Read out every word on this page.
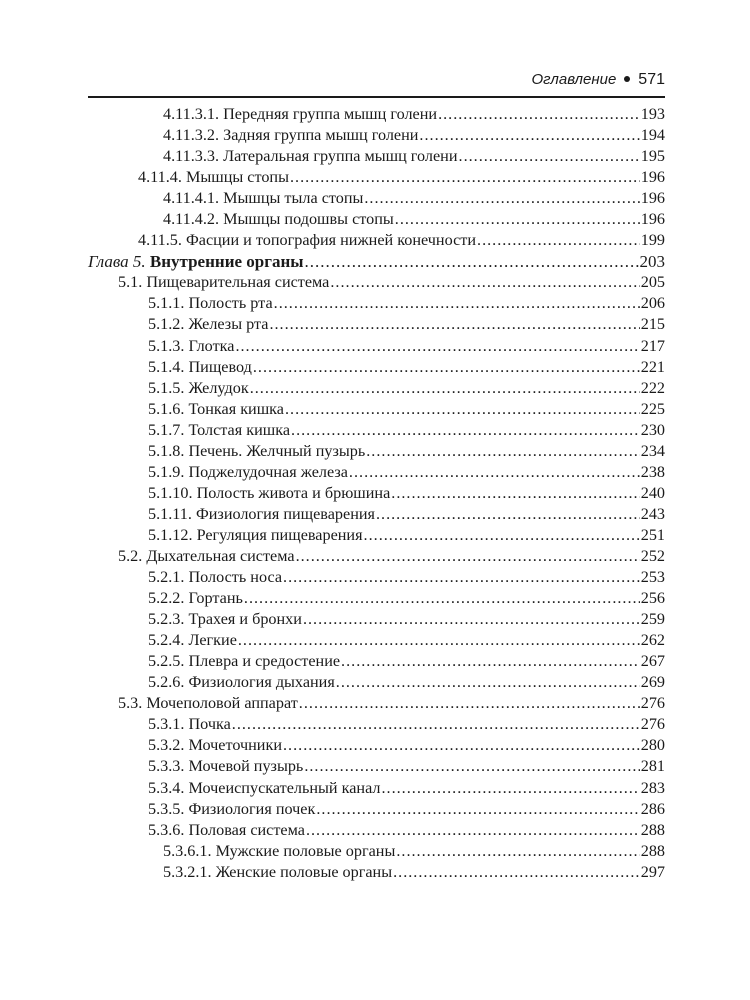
Оглавление 571
4.11.3.1. Передняя группа мышц голени .....	193
4.11.3.2. Задняя группа мышц голени .....	194
4.11.3.3. Латеральная группа мышц голени .....	195
4.11.4. Мышцы стопы .....	196
4.11.4.1. Мышцы тыла стопы .....	196
4.11.4.2. Мышцы подошвы стопы .....	196
4.11.5. Фасции и топография нижней конечности .....	199
Глава 5. Внутренние органы .....	203
5.1. Пищеварительная система .....	205
5.1.1. Полость рта .....	206
5.1.2. Железы рта .....	215
5.1.3. Глотка .....	217
5.1.4. Пищевод .....	221
5.1.5. Желудок .....	222
5.1.6. Тонкая кишка .....	225
5.1.7. Толстая кишка .....	230
5.1.8. Печень. Желчный пузырь .....	234
5.1.9. Поджелудочная железа .....	238
5.1.10. Полость живота и брюшина .....	240
5.1.11. Физиология пищеварения .....	243
5.1.12. Регуляция пищеварения .....	251
5.2. Дыхательная система .....	252
5.2.1. Полость носа .....	253
5.2.2. Гортань .....	256
5.2.3. Трахея и бронхи .....	259
5.2.4. Легкие .....	262
5.2.5. Плевра и средостение .....	267
5.2.6. Физиология дыхания .....	269
5.3. Мочеполовой аппарат .....	276
5.3.1. Почка .....	276
5.3.2. Мочеточники .....	280
5.3.3. Мочевой пузырь .....	281
5.3.4. Мочеиспускательный канал .....	283
5.3.5. Физиология почек .....	286
5.3.6. Половая система .....	288
5.3.6.1. Мужские половые органы .....	288
5.3.2.1. Женские половые органы .....	297
